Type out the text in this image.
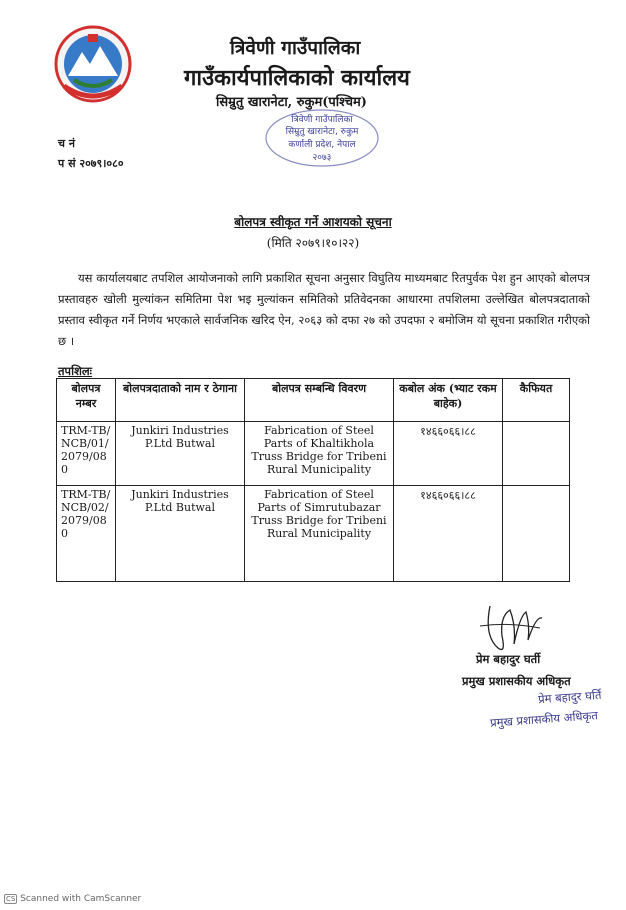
त्रिवेणी गाउँपालिका
गाउँकार्यपालिकाको कार्यालय
सिम्रुतु खारानेटा, रुकुम(पश्चिम)
त्रिवेणी गाउँपालिका
सिम्रुतु खारानेटा, रुकुम
कर्णाली प्रदेश, नेपाल
२०७३
च नं
प सं २०७९।०८०
बोलपत्र स्वीकृत गर्ने आशयको सूचना
(मिति २०७९।१०।२२)
यस कार्यालयबाट तपशिल आयोजनाको लागि प्रकाशित सूचना अनुसार विघुतिय माध्यमबाट रितपुर्वक पेश हुन आएको बोलपत्र प्रस्तावहरु खोली मुल्यांकन समितिमा पेश भइ मुल्यांकन समितिको प्रतिवेदनका आधारमा तपशिलमा उल्लेखित बोलपत्रदाताको प्रस्ताव स्वीकृत गर्ने निर्णय भएकाले सार्वजनिक खरिद ऐन, २०६३ को दफा २७ को उपदफा २ बमोजिम यो सूचना प्रकाशित गरीएको छ ।
तपशिलः
बोलपत्र नम्बर	बोलपत्रदाताको नाम र ठेगाना	बोलपत्र सम्बन्धि विवरण	कबोल अंक (भ्याट रकम बाहेक)	कैफियत
TRM-TB/NCB/01/2079/080	Junkiri Industries P.Ltd Butwal	Fabrication of Steel Parts of Khaltikhola Truss Bridge for Tribeni Rural Municipality	१४६६०६६।८८	
TRM-TB/NCB/02/2079/080	Junkiri Industries P.Ltd Butwal	Fabrication of Steel Parts of Simrutubazar Truss Bridge for Tribeni Rural Municipality	१४६६०६६।८८	
प्रेम बहादुर घर्ती
प्रमुख प्रशासकीय अधिकृत
प्रेम बहादुर घर्ति
प्रमुख प्रशासकीय अधिकृत
CS Scanned with CamScanner
